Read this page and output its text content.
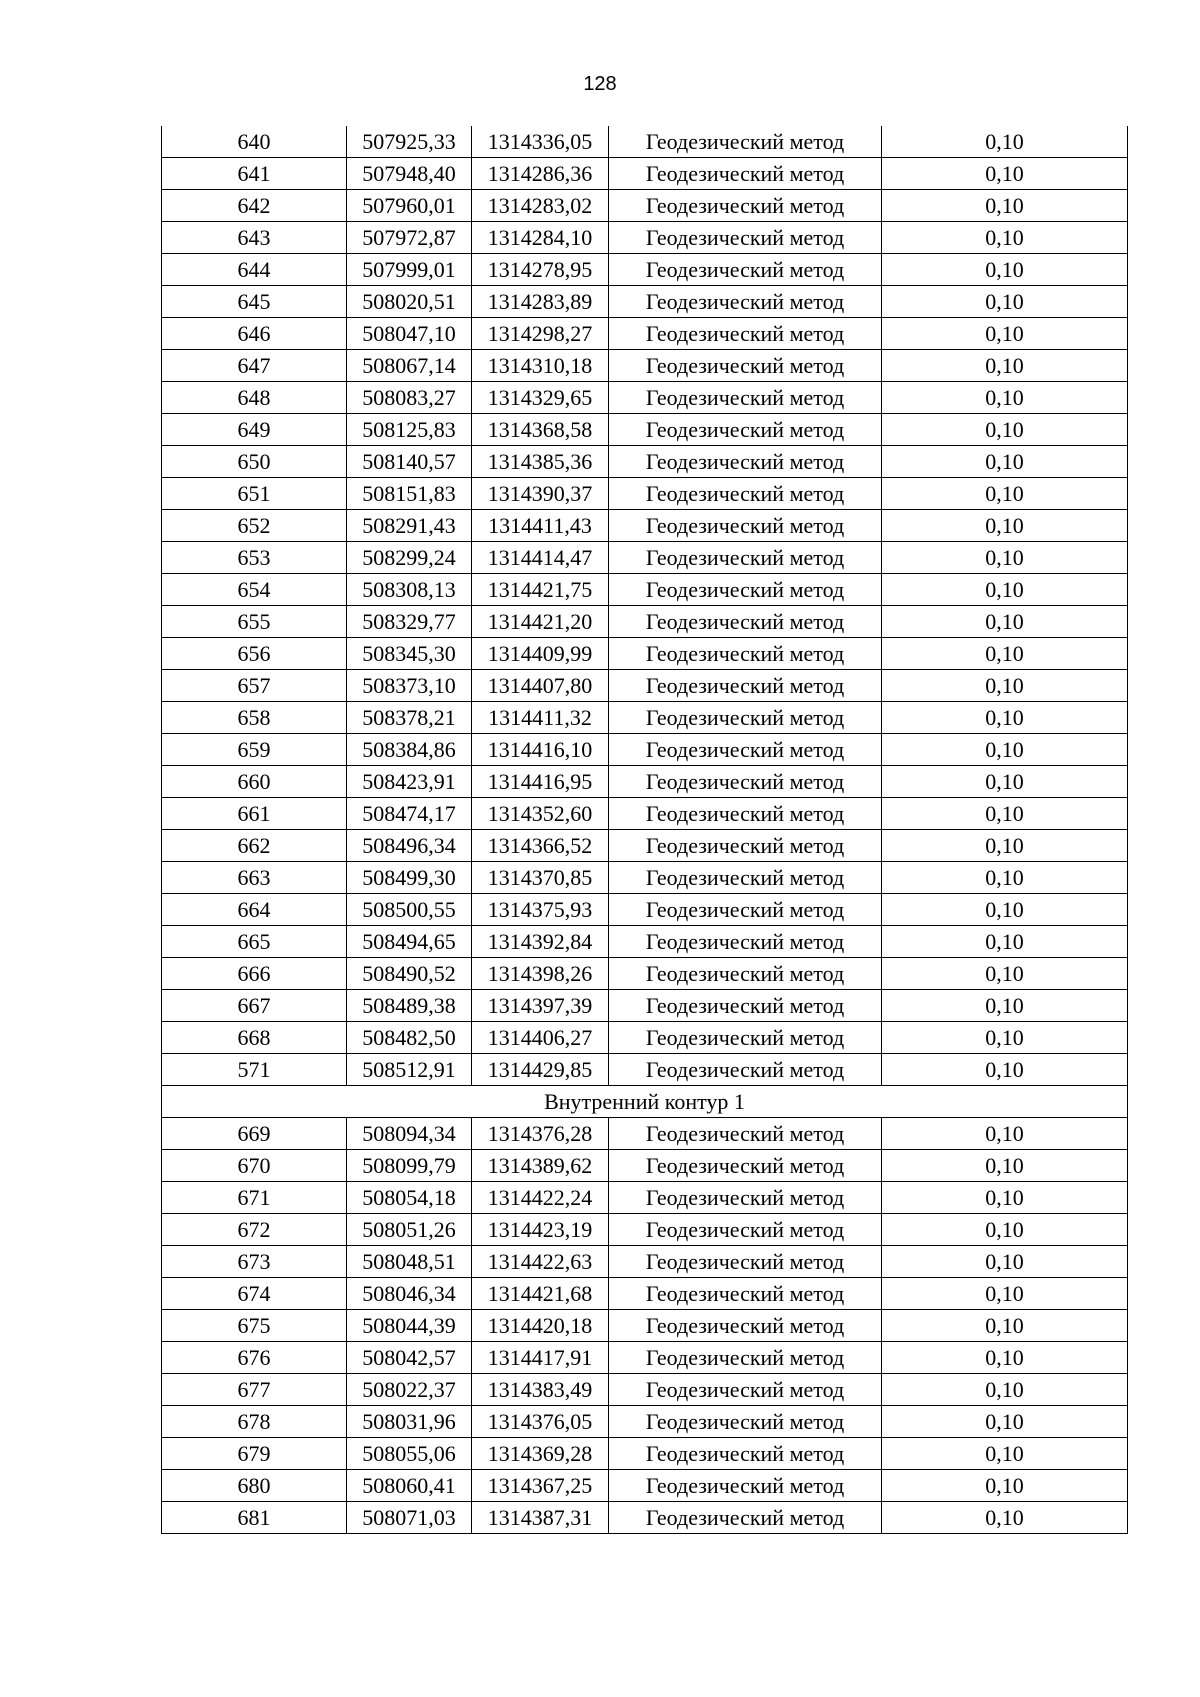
128
640	507925,33	1314336,05	Геодезический метод	0,10
641	507948,40	1314286,36	Геодезический метод	0,10
642	507960,01	1314283,02	Геодезический метод	0,10
643	507972,87	1314284,10	Геодезический метод	0,10
644	507999,01	1314278,95	Геодезический метод	0,10
645	508020,51	1314283,89	Геодезический метод	0,10
646	508047,10	1314298,27	Геодезический метод	0,10
647	508067,14	1314310,18	Геодезический метод	0,10
648	508083,27	1314329,65	Геодезический метод	0,10
649	508125,83	1314368,58	Геодезический метод	0,10
650	508140,57	1314385,36	Геодезический метод	0,10
651	508151,83	1314390,37	Геодезический метод	0,10
652	508291,43	1314411,43	Геодезический метод	0,10
653	508299,24	1314414,47	Геодезический метод	0,10
654	508308,13	1314421,75	Геодезический метод	0,10
655	508329,77	1314421,20	Геодезический метод	0,10
656	508345,30	1314409,99	Геодезический метод	0,10
657	508373,10	1314407,80	Геодезический метод	0,10
658	508378,21	1314411,32	Геодезический метод	0,10
659	508384,86	1314416,10	Геодезический метод	0,10
660	508423,91	1314416,95	Геодезический метод	0,10
661	508474,17	1314352,60	Геодезический метод	0,10
662	508496,34	1314366,52	Геодезический метод	0,10
663	508499,30	1314370,85	Геодезический метод	0,10
664	508500,55	1314375,93	Геодезический метод	0,10
665	508494,65	1314392,84	Геодезический метод	0,10
666	508490,52	1314398,26	Геодезический метод	0,10
667	508489,38	1314397,39	Геодезический метод	0,10
668	508482,50	1314406,27	Геодезический метод	0,10
571	508512,91	1314429,85	Геодезический метод	0,10
Внутренний контур 1				
669	508094,34	1314376,28	Геодезический метод	0,10
670	508099,79	1314389,62	Геодезический метод	0,10
671	508054,18	1314422,24	Геодезический метод	0,10
672	508051,26	1314423,19	Геодезический метод	0,10
673	508048,51	1314422,63	Геодезический метод	0,10
674	508046,34	1314421,68	Геодезический метод	0,10
675	508044,39	1314420,18	Геодезический метод	0,10
676	508042,57	1314417,91	Геодезический метод	0,10
677	508022,37	1314383,49	Геодезический метод	0,10
678	508031,96	1314376,05	Геодезический метод	0,10
679	508055,06	1314369,28	Геодезический метод	0,10
680	508060,41	1314367,25	Геодезический метод	0,10
681	508071,03	1314387,31	Геодезический метод	0,10
